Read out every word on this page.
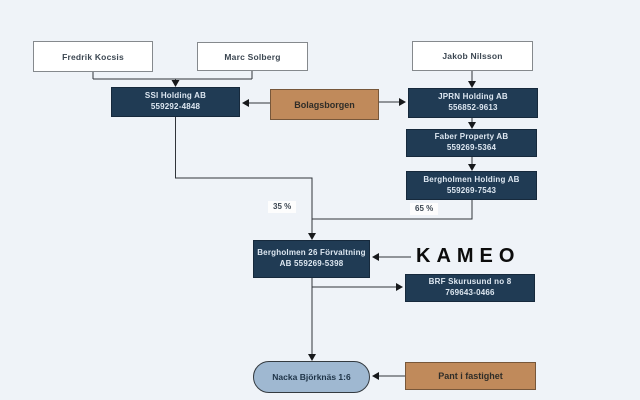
Fredrik Kocsis	Marc Solberg	Jakob Nilsson
SSI Holding AB
559292-4848	Bolagsborgen
JPRN Holding AB
556852-9613
Faber Property AB
559269-5364
Bergholmen Holding AB
559269-7543
35 %	65 %
Bergholmen 26 Förvaltning AB 559269-5398	KAMEO
BRF Skurusund no 8
769643-0466
Nacka Björknäs 1:6	Pant i fastighet
